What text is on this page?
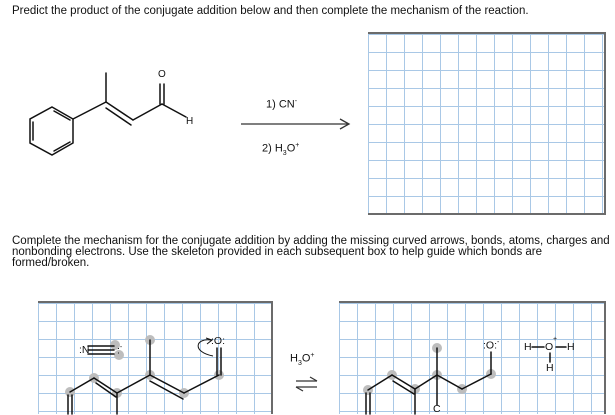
Predict the product of the conjugate addition below and then complete the mechanism of the reaction.
O
H
1) CN-
2) $H_3O^+$
Complete the mechanism for the conjugate addition by adding the missing curved arrows, bonds, atoms, charges and nonbonding electrons. Use the skeleton provided in each subsequent box to help guide which bonds are formed/broken.
:N	:-
:O:
$H_3O^+$
:O:-
C
H O
+
H
H
